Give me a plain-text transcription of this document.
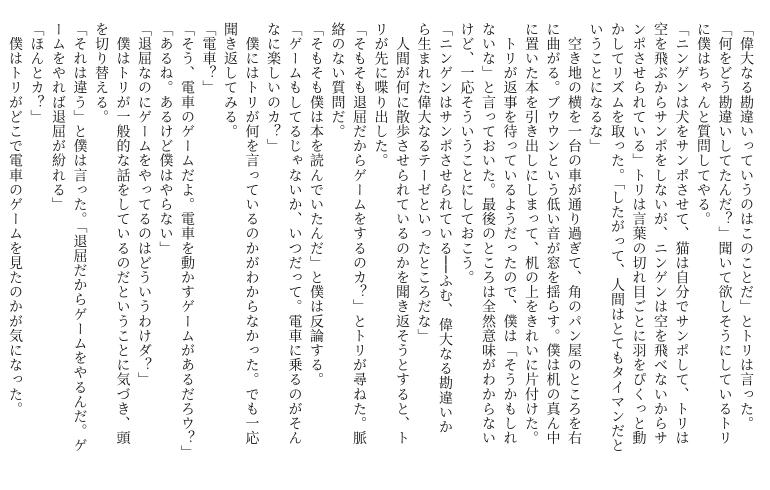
「偉大なる勘違いっていうのはこのことだ」とトリは言った。

「何をどう勘違いしてたんだ？」聞いて欲しそうにしているトリ

に僕はちゃんと質問してやる。

「ニンゲンは犬をサンポさせて、猫は自分でサンポして、トリは

空を飛ぶからサンポをしないが、ニンゲンは空を飛べないからサ

ンポさせられている」トリは言葉の切れ目ごとに羽をぴくっと動

かしてリズムを取った。「したがって、人間はとてもタイマンだと

いうことになるな」

　空き地の横を一台の車が通り過ぎて、角のパン屋のところを右

に曲がる。ブウウンという低い音が窓を揺らす。僕は机の真ん中

に置いた本を引き出しにしまって、机の上をきれいに片付けた。

　トリが返事を待っているようだったので、僕は「そうかもしれ

ないな」と言っておいた。最後のところは全然意味がわからない

けど、一応そういうことにしておこう。

「ニンゲンはサンポさせられている──ふむ、偉大なる勘違いか

ら生まれた偉大なるテーゼといったところだな」

　人間が何に散歩させられているのかを聞き返そうとすると、ト

リが先に喋り出した。

「そもそも退屈だからゲームをするのカ？」とトリが尋ねた。脈

絡のない質問だ。

「そもそも僕は本を読んでいたんだ」と僕は反論する。

「ゲームもしてるじゃないか、いつだって。電車に乗るのがそん

なに楽しいのカ？」

　僕にはトリが何を言っているのかがわからなかった。でも一応

聞き返してみる。

「電車？」

「そう、電車のゲームだよ。電車を動かすゲームがあるだろウ？」

「あるね。あるけど僕はやらない」

「退屈なのにゲームをやってるのはどういうわけダ？」

　僕はトリが一般的な話をしているのだということに気づき、頭

を切り替える。

「それは違う」と僕は言った。「退屈だからゲームをやるんだ。ゲ

ームをやれば退屈が紛れる」

「ほんとカ？」

　僕はトリがどこで電車のゲームを見たのかが気になった。
